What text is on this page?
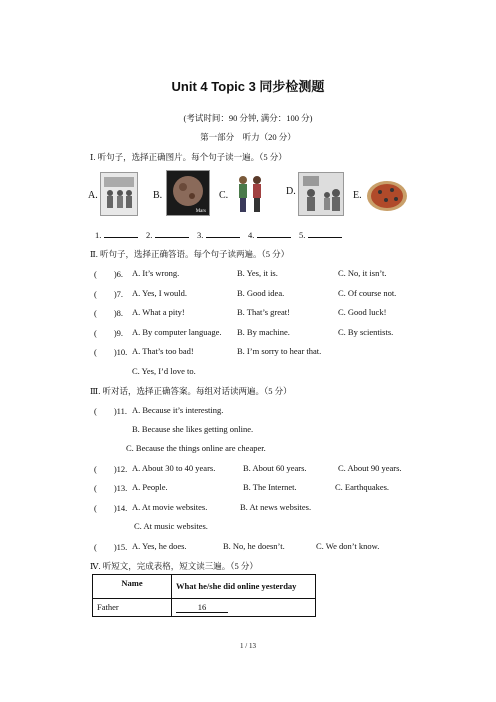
Unit 4 Topic 3 同步检测题
(考试时间：90 分钟, 满分：100 分)
第一部分　听力（20 分）
Ⅰ. 听句子，选择正确图片。每个句子读一遍。（5 分）
A.	B.
Mars
C.	D.	E.
1.	2.	3.	4.	5.
Ⅱ. 听句子，选择正确答语。每个句子读两遍。（5 分）
(　　)6. A. It’s wrong.	B. Yes, it is.	C. No, it isn’t.
(　　)7. A. Yes, I would.	B. Good idea.	C. Of course not.
(　　)8. A. What a pity!	B. That’s great!	C. Good luck!
(　　)9. A. By computer language. B. By machine.	C. By scientists.
(　　)10. A. That’s too bad!	B. I’m sorry to hear that.
C. Yes, I’d love to.
Ⅲ. 听对话，选择正确答案。每组对话读两遍。（5 分）
(　　)11. A. Because it’s interesting.
B. Because she likes getting online.
C. Because the things online are cheaper.
(　　)12. A. About 30 to 40 years.	B. About 60 years.	C. About 90 years.
(　　)13. A. People.	B. The Internet.	C. Earthquakes.
(　　)14. A. At movie websites.	B. At news websites.
C. At music websites.
(　　)15. A. Yes, he does.	B. No, he doesn’t.	C. We don’t know.
Ⅳ. 听短文，完成表格，短文读三遍。（5 分）
Name	What he/she did online yesterday
Father	16
1 / 13
